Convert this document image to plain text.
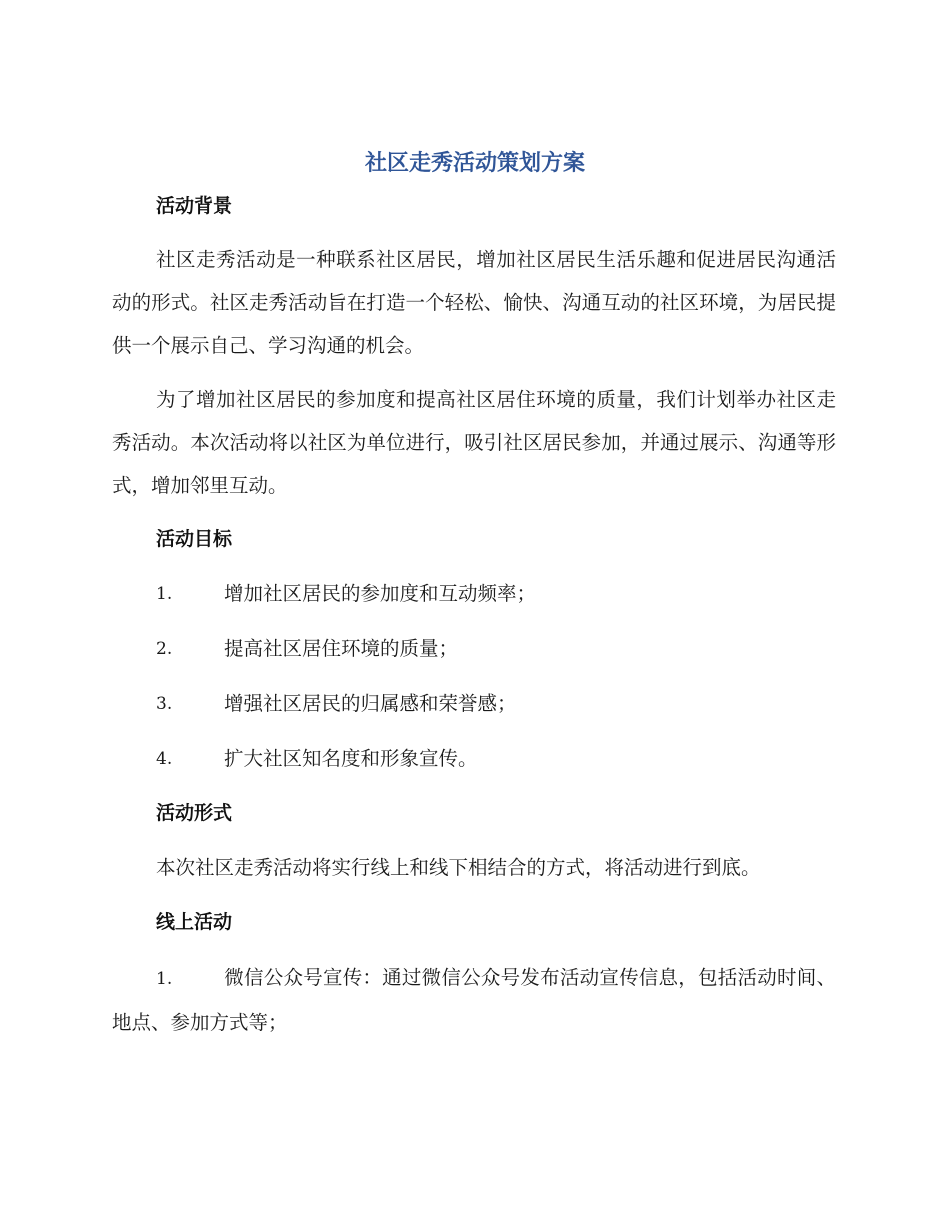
社区走秀活动策划方案
活动背景
社区走秀活动是一种联系社区居民，增加社区居民生活乐趣和促进居民沟通活动的形式。社区走秀活动旨在打造一个轻松、愉快、沟通互动的社区环境，为居民提供一个展示自己、学习沟通的机会。
为了增加社区居民的参加度和提高社区居住环境的质量，我们计划举办社区走秀活动。本次活动将以社区为单位进行，吸引社区居民参加，并通过展示、沟通等形式，增加邻里互动。
活动目标
1.	增加社区居民的参加度和互动频率；
2.	提高社区居住环境的质量；
3.	增强社区居民的归属感和荣誉感；
4.	扩大社区知名度和形象宣传。
活动形式
本次社区走秀活动将实行线上和线下相结合的方式，将活动进行到底。
线上活动
1.	微信公众号宣传：通过微信公众号发布活动宣传信息，包括活动时间、地点、参加方式等；
